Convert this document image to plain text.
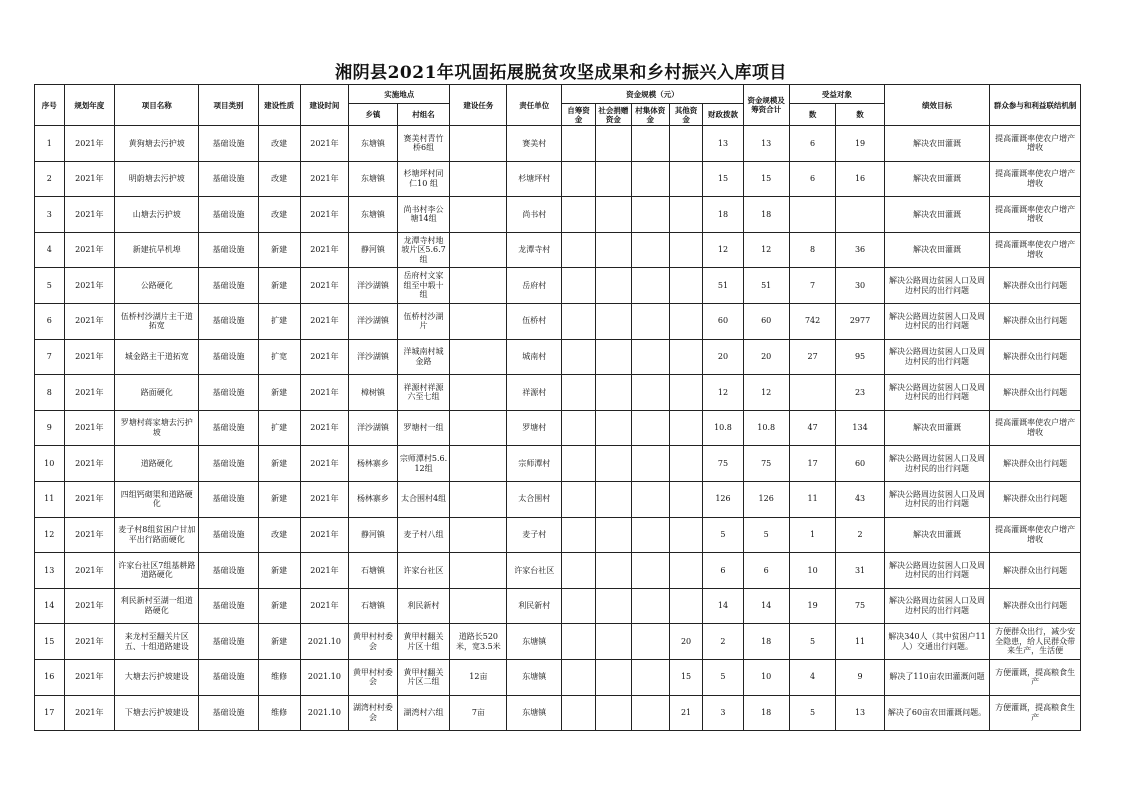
湘阴县2021年巩固拓展脱贫攻坚成果和乡村振兴入库项目
序号	规划年度	项目名称	项目类别	建设性质	建设时间	实施地点		建设任务	责任单位	资金规模（元）					资金规模及筹资合计	受益对象		绩效目标	群众参与和利益联结机制
						乡镇	村组名			自筹资金	社会捐赠资金	村集体资金	其他资金	财政拨款		数	数		
1	2021年	黄狗塘去污护坡	基础设施	改建	2021年	东塘镇	赛美村青竹桥6组		赛美村					13	13	6	19	解决农田灌溉	提高灌溉率使农户增产增收
2	2021年	明蔚塘去污护坡	基础设施	改建	2021年	东塘镇	杉塘坪村同仁10 组		杉塘坪村					15	15	6	16	解决农田灌溉	提高灌溉率使农户增产增收
3	2021年	山塘去污护坡	基础设施	改建	2021年	东塘镇	尚书村李公塘14组		尚书村					18	18			解决农田灌溉	提高灌溉率使农户增产增收
4	2021年	新建抗旱机埠	基础设施	新建	2021年	静河镇	龙潭寺村地坡片区5.6.7组		龙潭寺村					12	12	8	36	解决农田灌溉	提高灌溉率使农户增产增收
5	2021年	公路硬化	基础设施	新建	2021年	洋沙湖镇	岳府村文家组至中塅十组		岳府村					51	51	7	30	解决公路周边贫困人口及周边村民的出行问题	解决群众出行问题
6	2021年	伍桥村沙湖片主干道拓宽	基础设施	扩建	2021年	洋沙湖镇	伍桥村沙湖片		伍桥村					60	60	742	2977	解决公路周边贫困人口及周边村民的出行问题	解决群众出行问题
7	2021年	城金路主干道拓宽	基础设施	扩宽	2021年	洋沙湖镇	洋城南村城金路		城南村					20	20	27	95	解决公路周边贫困人口及周边村民的出行问题	解决群众出行问题
8	2021年	路面硬化	基础设施	新建	2021年	樟树镇	祥源村祥源六至七组		祥源村					12	12		23	解决公路周边贫困人口及周边村民的出行问题	解决群众出行问题
9	2021年	罗塘村蒋家塘去污护坡	基础设施	扩建	2021年	洋沙湖镇	罗塘村一组		罗塘村					10.8	10.8	47	134	解决农田灌溉	提高灌溉率使农户增产增收
10	2021年	道路硬化	基础设施	新建	2021年	杨林寨乡	宗师潭村5.6.12组		宗师潭村					75	75	17	60	解决公路周边贫困人口及周边村民的出行问题	解决群众出行问题
11	2021年	四组钙砌渠和道路硬化	基础设施	新建	2021年	杨林寨乡	太合围村4组		太合围村					126	126	11	43	解决公路周边贫困人口及周边村民的出行问题	解决群众出行问题
12	2021年	麦子村8组贫困户甘加平出行路面硬化	基础设施	改建	2021年	静河镇	麦子村八组		麦子村					5	5	1	2	解决农田灌溉	提高灌溉率使农户增产增收
13	2021年	许家台社区7组基耕路道路硬化	基础设施	新建	2021年	石塘镇	许家台社区		许家台社区					6	6	10	31	解决公路周边贫困人口及周边村民的出行问题	解决群众出行问题
14	2021年	利民新村至湖一组道路硬化	基础设施	新建	2021年	石塘镇	利民新村		利民新村					14	14	19	75	解决公路周边贫困人口及周边村民的出行问题	解决群众出行问题
15	2021年	来龙村至翻关片区五、十组道路建设	基础设施	新建	2021.10	黄甲村村委会	黄甲村翻关片区十组	道路长520米，宽3.5米	东塘镇				20	2	18	5	11	解决340人（其中贫困户11人）交通出行问题。	方便群众出行，减少安全隐患，给人民群众带来生产，生活便
16	2021年	大塘去污护坡建设	基础设施	维修	2021.10	黄甲村村委会	黄甲村翻关片区二组	12亩	东塘镇				15	5	10	4	9	解决了110亩农田灌溉问题	方便灌溉，提高粮食生产
17	2021年	下塘去污护坡建设	基础设施	维修	2021.10	湖湾村村委会	湖湾村六组	7亩	东塘镇				21	3	18	5	13	解决了60亩农田灌溉问题。	方便灌溉，提高粮食生产
